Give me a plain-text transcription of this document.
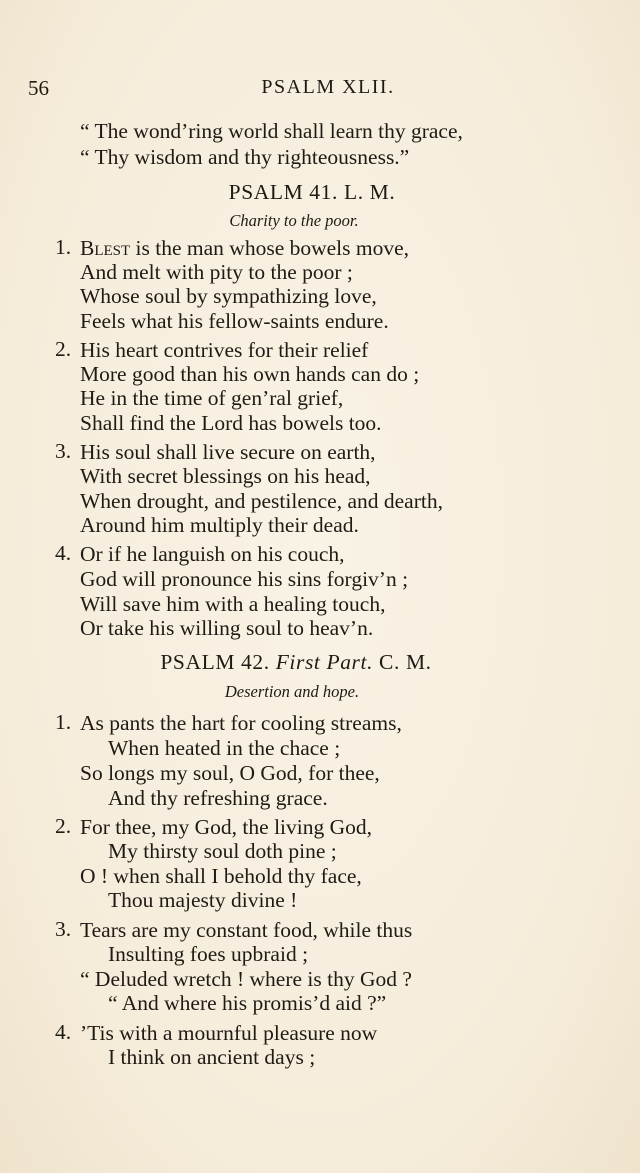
56	PSALM XLII.
“ The wond’ring world shall learn thy grace,
“ Thy wisdom and thy righteousness.”
PSALM 41. L. M.
Charity to the poor.
1. Blest is the man whose bowels move,
And melt with pity to the poor ;
Whose soul by sympathizing love,
Feels what his fellow-saints endure.
2. His heart contrives for their relief
More good than his own hands can do ;
He in the time of gen’ral grief,
Shall find the Lord has bowels too.
3. His soul shall live secure on earth,
With secret blessings on his head,
When drought, and pestilence, and dearth,
Around him multiply their dead.
4. Or if he languish on his couch,
God will pronounce his sins forgiv’n ;
Will save him with a healing touch,
Or take his willing soul to heav’n.
PSALM 42. First Part. C. M.
Desertion and hope.
1. As pants the hart for cooling streams,
When heated in the chace ;
So longs my soul, O God, for thee,
And thy refreshing grace.
2. For thee, my God, the living God,
My thirsty soul doth pine ;
O ! when shall I behold thy face,
Thou majesty divine !
3. Tears are my constant food, while thus
Insulting foes upbraid ;
“ Deluded wretch ! where is thy God ?
“ And where his promis’d aid ?”
4. ’Tis with a mournful pleasure now
I think on ancient days ;
